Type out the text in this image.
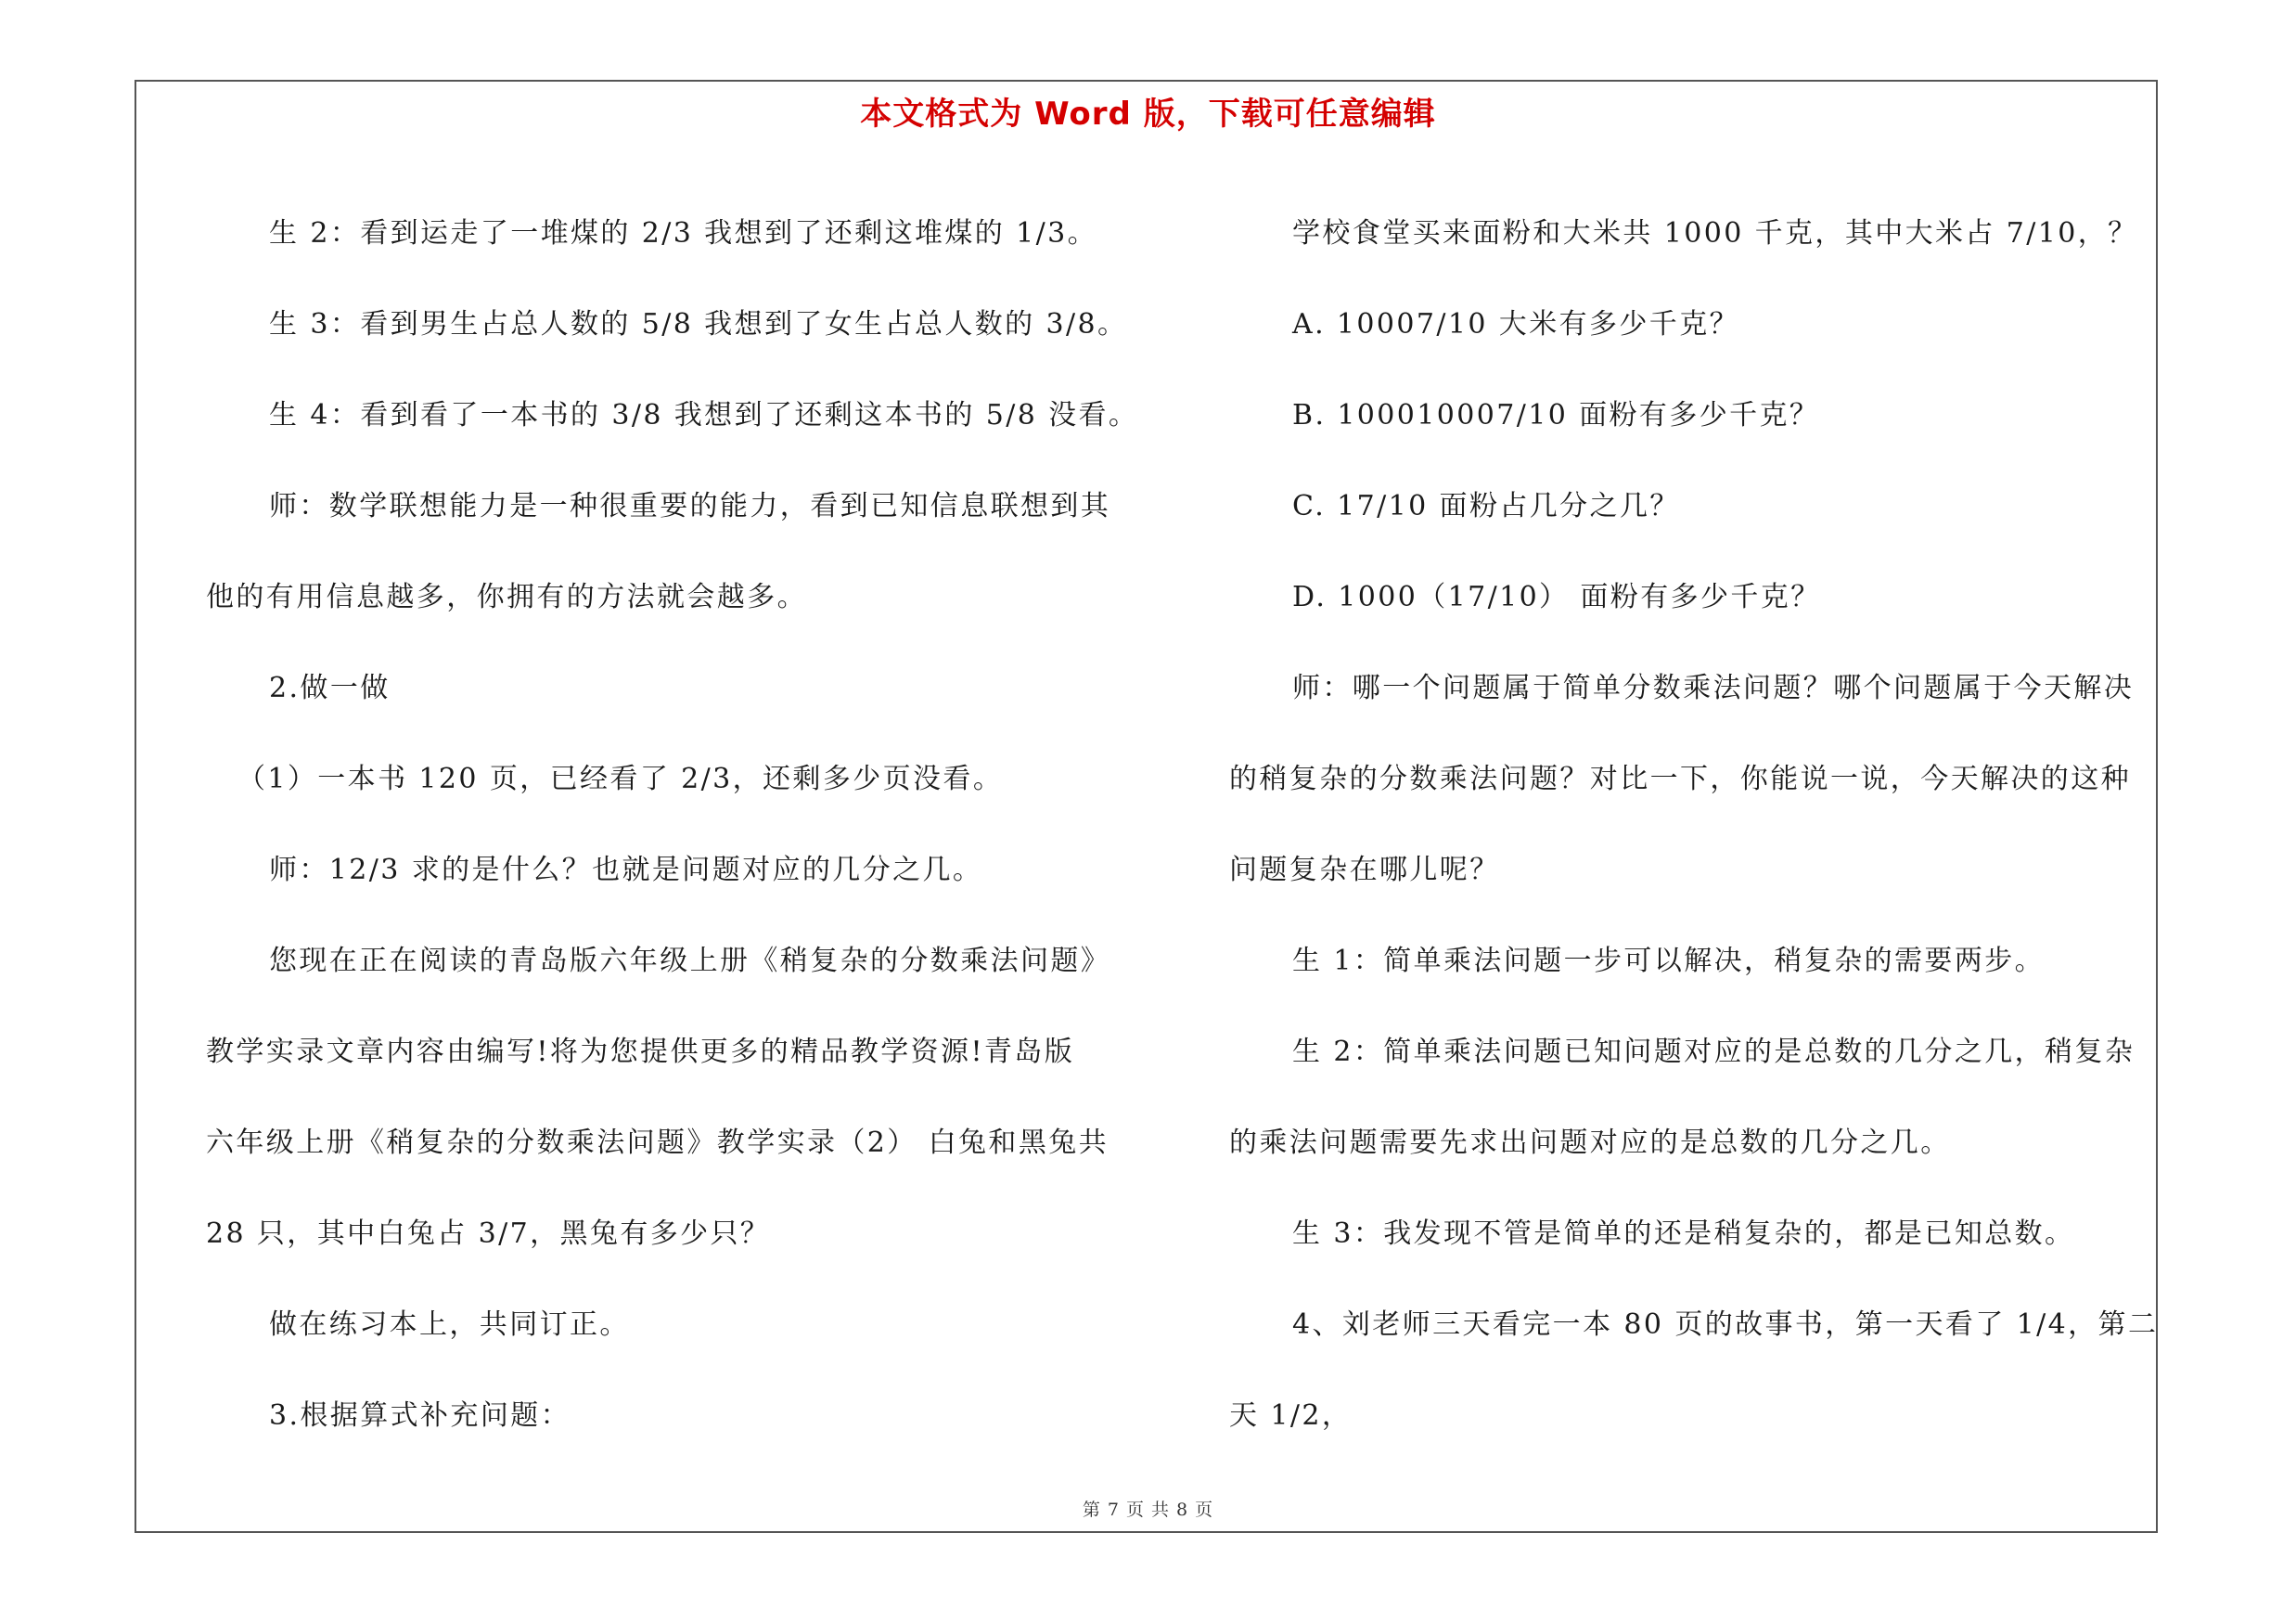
本文格式为 Word 版，下载可任意编辑

生 2：看到运走了一堆煤的 2/3 我想到了还剩这堆煤的 1/3。

生 3：看到男生占总人数的 5/8 我想到了女生占总人数的 3/8。

生 4：看到看了一本书的 3/8 我想到了还剩这本书的 5/8 没看。

师：数学联想能力是一种很重要的能力，看到已知信息联想到其

他的有用信息越多，你拥有的方法就会越多。

2.做一做

（1）一本书 120 页，已经看了 2/3，还剩多少页没看。

师：12/3 求的是什么？也就是问题对应的几分之几。

您现在正在阅读的青岛版六年级上册《稍复杂的分数乘法问题》

教学实录文章内容由编写!将为您提供更多的精品教学资源!青岛版

六年级上册《稍复杂的分数乘法问题》教学实录（2） 白兔和黑兔共

28 只，其中白兔占 3/7，黑兔有多少只？

做在练习本上，共同订正。

3.根据算式补充问题：

学校食堂买来面粉和大米共 1000 千克，其中大米占 7/10，？

A. 10007/10 大米有多少千克？

B. 100010007/10 面粉有多少千克？

C. 17/10 面粉占几分之几？

D. 1000（17/10） 面粉有多少千克？

师：哪一个问题属于简单分数乘法问题？哪个问题属于今天解决

的稍复杂的分数乘法问题？对比一下，你能说一说，今天解决的这种

问题复杂在哪儿呢？

生 1：简单乘法问题一步可以解决，稍复杂的需要两步。

生 2：简单乘法问题已知问题对应的是总数的几分之几，稍复杂

的乘法问题需要先求出问题对应的是总数的几分之几。

生 3：我发现不管是简单的还是稍复杂的，都是已知总数。

4、刘老师三天看完一本 80 页的故事书，第一天看了 1/4，第二

天 1/2，

第 7 页 共 8 页
